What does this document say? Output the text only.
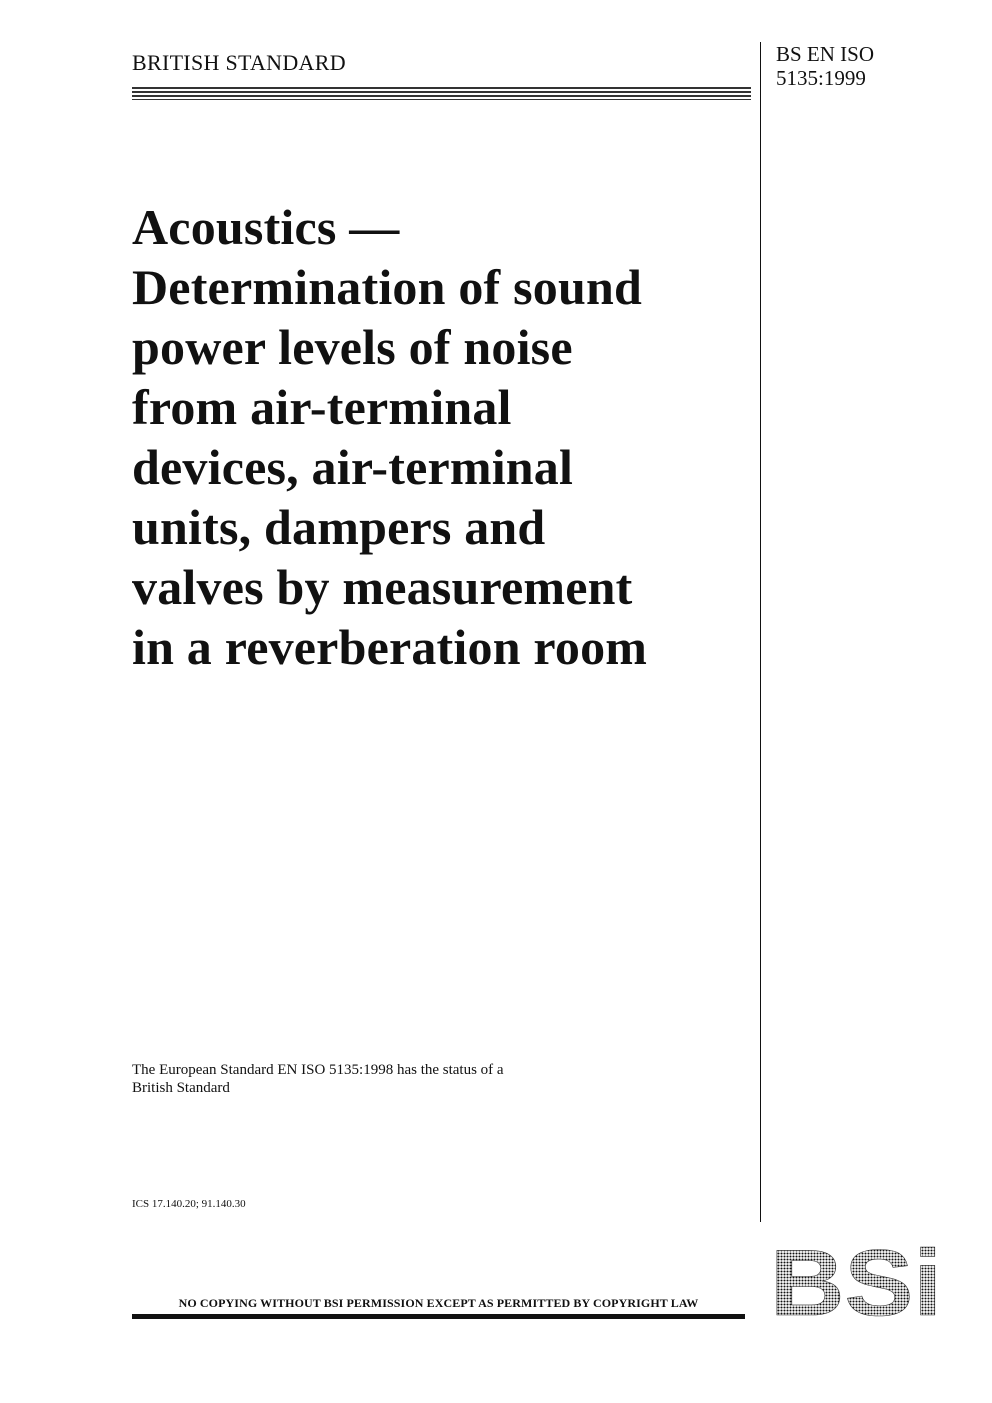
BRITISH STANDARD	BS EN ISO
5135:1999
Acoustics —
Determination of sound
power levels of noise
from air-terminal
devices, air-terminal
units, dampers and
valves by measurement
in a reverberation room
The European Standard EN ISO 5135:1998 has the status of a
British Standard
ICS 17.140.20; 91.140.30
NO COPYING WITHOUT BSI PERMISSION EXCEPT AS PERMITTED BY COPYRIGHT LAW BSi
